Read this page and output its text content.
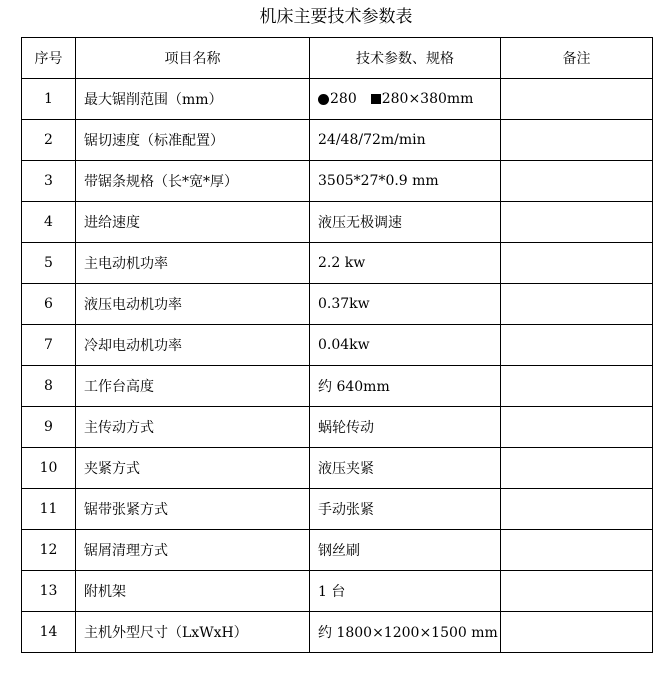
机床主要技术参数表
序号	项目名称	技术参数、规格	备注
1	最大锯削范围（mm）	280 280×380mm	
2	锯切速度（标准配置）	24/48/72m/min	
3	带锯条规格（长*宽*厚）	3505*27*0.9 mm	
4	进给速度	液压无极调速	
5	主电动机功率	2.2 kw	
6	液压电动机功率	0.37kw	
7	冷却电动机功率	0.04kw	
8	工作台高度	约 640mm	
9	主传动方式	蜗轮传动	
10	夹紧方式	液压夹紧	
11	锯带张紧方式	手动张紧	
12	锯屑清理方式	钢丝刷	
13	附机架	1 台	
14	主机外型尺寸（LxWxH）	约 1800×1200×1500 mm	
